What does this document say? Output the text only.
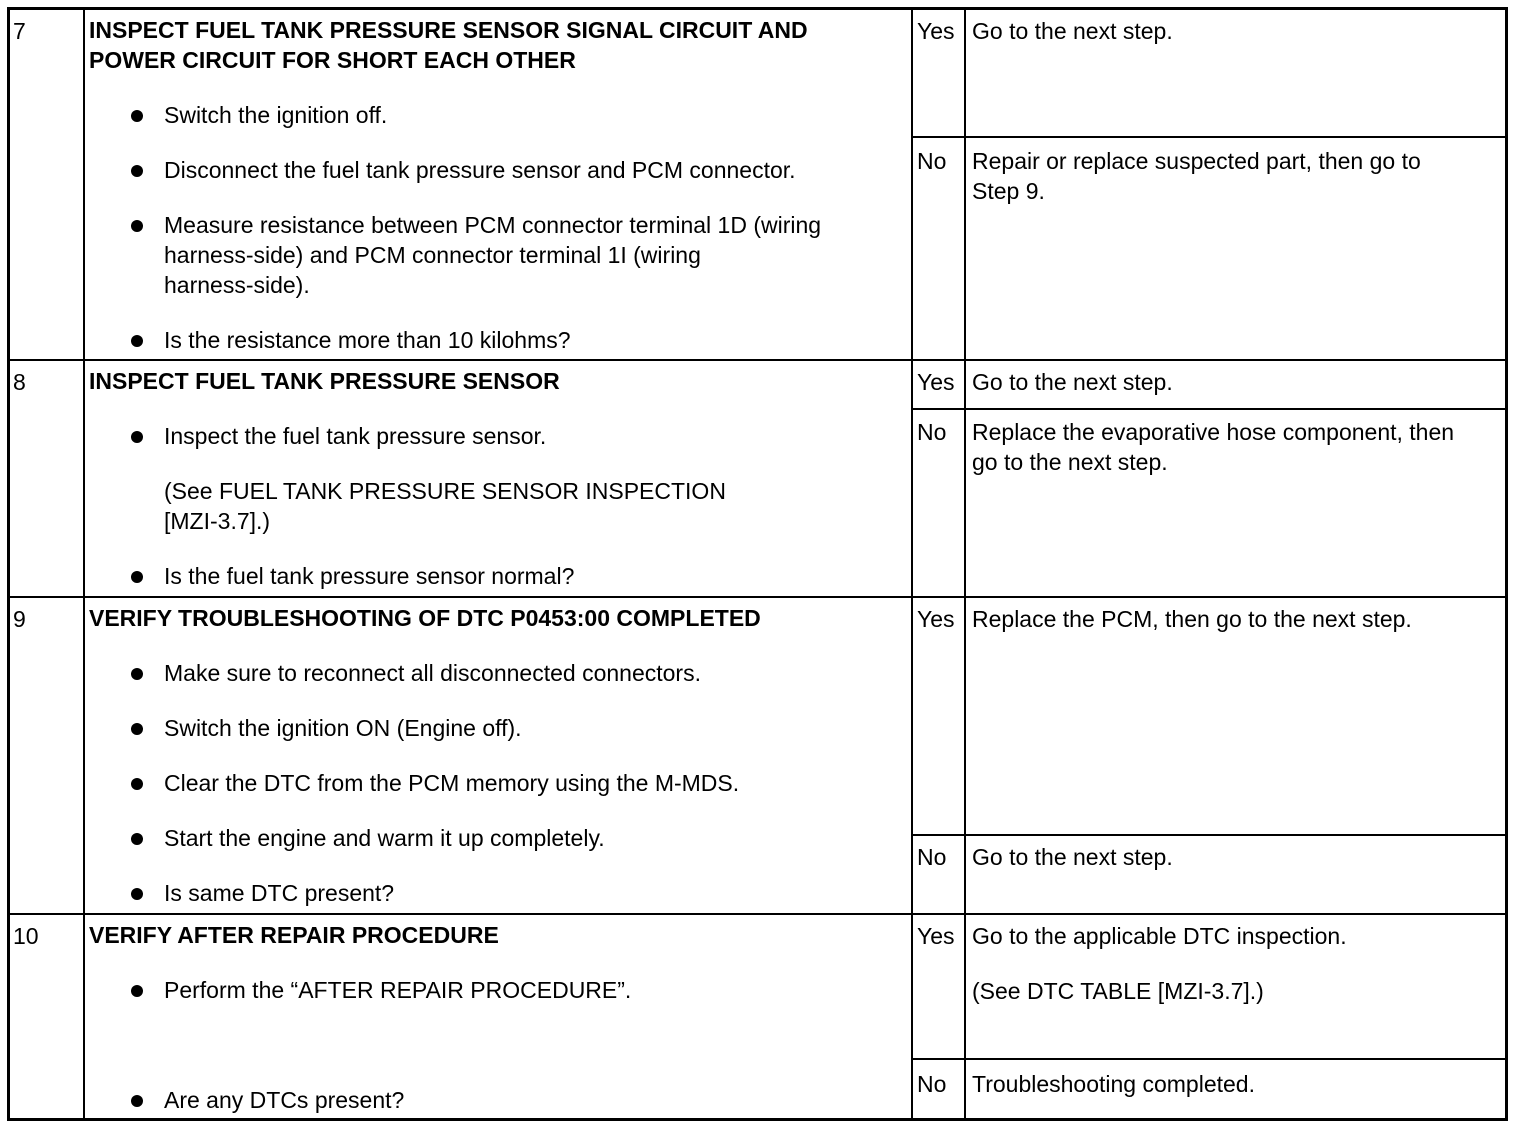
7	INSPECT FUEL TANK PRESSURE SENSOR SIGNAL CIRCUIT AND
POWER CIRCUIT FOR SHORT EACH OTHER

Switch the ignition off.
Disconnect the fuel tank pressure sensor and PCM connector.
Measure resistance between PCM connector terminal 1D (wiring
harness-side) and PCM connector terminal 1I (wiring
harness-side).
Is the resistance more than 10 kilohms?
Yes Go to the next step.

No Repair or replace suspected part, then go to
Step 9.
8	INSPECT FUEL TANK PRESSURE SENSOR

Inspect the fuel tank pressure sensor.
(See FUEL TANK PRESSURE SENSOR INSPECTION
[MZI-3.7].)
Is the fuel tank pressure sensor normal?
Yes Go to the next step.

No Replace the evaporative hose component, then
go to the next step.
9	VERIFY TROUBLESHOOTING OF DTC P0453:00 COMPLETED

Make sure to reconnect all disconnected connectors.
Switch the ignition ON (Engine off).
Clear the DTC from the PCM memory using the M-MDS.
Start the engine and warm it up completely.
Is same DTC present?
Yes Replace the PCM, then go to the next step.

No Go to the next step.

10 VERIFY AFTER REPAIR PROCEDURE

Perform the “AFTER REPAIR PROCEDURE”.
Are any DTCs present?
Yes Go to the applicable DTC inspection.

(See DTC TABLE [MZI-3.7].)

No Troubleshooting completed.
